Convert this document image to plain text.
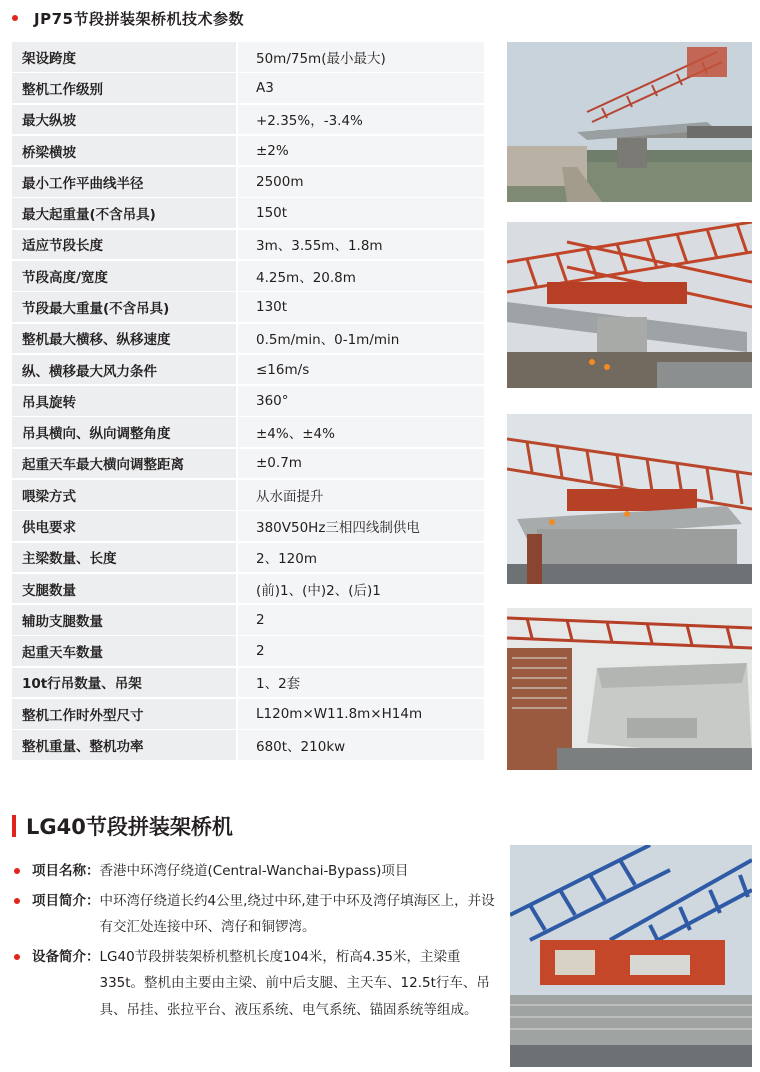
JP75节段拼装架桥机技术参数
架设跨度	50m/75m(最小最大)
整机工作级别	A3
最大纵坡	+2.35%，-3.4%
桥梁横坡	±2%
最小工作平曲线半径	2500m
最大起重量(不含吊具)	150t
适应节段长度	3m、3.55m、1.8m
节段高度/宽度	4.25m、20.8m
节段最大重量(不含吊具)	130t
整机最大横移、纵移速度	0.5m/min、0-1m/min
纵、横移最大风力条件	≤16m/s
吊具旋转	360°
吊具横向、纵向调整角度	±4%、±4%
起重天车最大横向调整距离	±0.7m
喂梁方式	从水面提升
供电要求	380V50Hz三相四线制供电
主梁数量、长度	2、120m
支腿数量	(前)1、(中)2、(后)1
辅助支腿数量	2
起重天车数量	2
10t行吊数量、吊架	1、2套
整机工作时外型尺寸	L120m×W11.8m×H14m
整机重量、整机功率	680t、210kw
LG40节段拼装架桥机
项目名称： 香港中环湾仔绕道(Central-Wanchai-Bypass)项目
项目简介： 中环湾仔绕道长约4公里,绕过中环,建于中环及湾仔填海区上，并设有交汇处连接中环、湾仔和铜锣湾。
设备简介： LG40节段拼装架桥机整机长度104米，桁高4.35米，主梁重335t。整机由主要由主梁、前中后支腿、主天车、12.5t行车、吊具、吊挂、张拉平台、液压系统、电气系统、锚固系统等组成。
